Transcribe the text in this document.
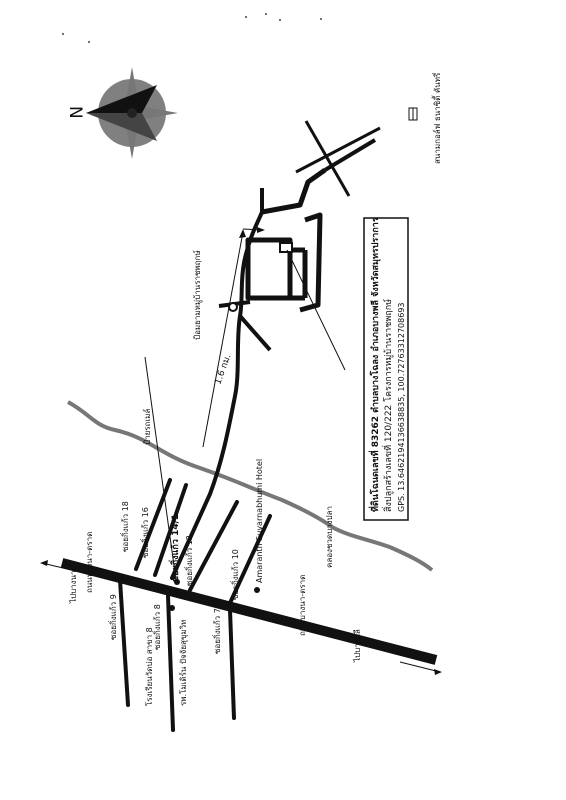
N
ถนนบางนา-ตราด
ถนนบางนา-ตราด
ไปบางนา
ไปบางพลี
คลองชวดบางปลา
ซอยกิ่งแก้ว 18 ซอยกิ่งแก้ว 16	ซอยกิ่งแก้ว 14/1 ซอยกิ่งแก้ว 12	ซอยกิ่งแก้ว 10
ซอยกิ่งแก้ว 9	ซอยกิ่งแก้ว 8	ซอยกิ่งแก้ว 7
Amaranth Suvarnabhumi Hotel
โรงเรียนวัดบ่อ สาขา 8	รพ.โมเดิร์น ปัจจัยสุขุมวิท
ป้ายรถเมล์
ป้อมยามหมู่บ้านราชพฤกษ์
สนามกอล์ฟ ธนาซิตี้ คันทรี่
1.6 กม.	ที่ดินโฉนดเลขที่ 83262 ตำบลบางโฉลง อำเภอบางพลี จังหวัดสมุทรปราการ สิ่งปลูกสร้างเลขที่ 120/222 โครงการหมู่บ้านราชพฤกษ์ GPS. 13.6462194136638835, 100.72763312708693
